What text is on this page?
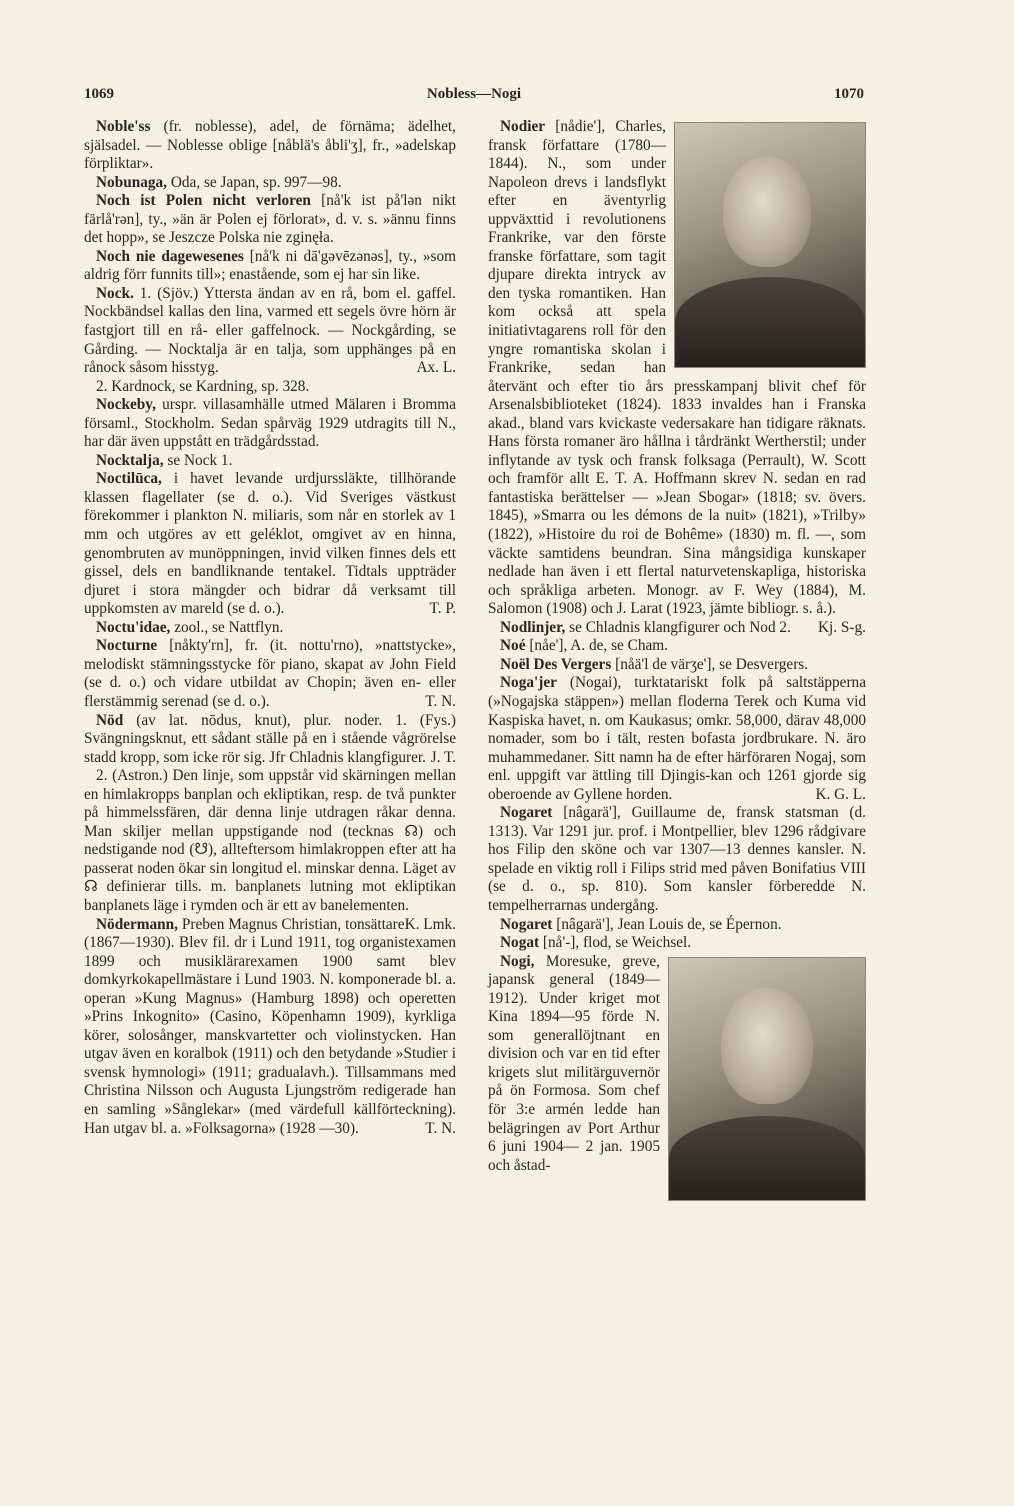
1069	Nobless—Nogi	1070

Noble'ss (fr. noblesse), adel, de förnäma; ädelhet, själsadel. — Noblesse oblige [nåblä's åbli'ʒ], fr., »adelskap förpliktar».

Nobunaga, Oda, se Japan, sp. 997—98.

Noch ist Polen nicht verloren [nå'k ist på'lən nikt färlå'rən], ty., »än är Polen ej förlorat», d. v. s. »ännu finns det hopp», se Jeszcze Polska nie zginęła.

Noch nie dagewesenes [nå'k ni dā'gəvēzənəs], ty., »som aldrig förr funnits till»; enastående, som ej har sin like.

Nock. 1. (Sjöv.) Yttersta ändan av en rå, bom el. gaffel. Nockbändsel kallas den lina, varmed ett segels övre hörn är fastgjort till en rå- eller gaffelnock. — Nockgårding, se Gårding. — Nocktalja är en talja, som upphänges på en rånock såsom hisstyg.	Ax. L.

2. Kardnock, se Kardning, sp. 328.

Nockeby, urspr. villasamhälle utmed Mälaren i Bromma församl., Stockholm. Sedan spårväg 1929 utdragits till N., har där även uppstått en trädgårdsstad.

Nocktalja, se Nock 1.

Noctilūca, i havet levande urdjurssläkte, tillhörande klassen flagellater (se d. o.). Vid Sveriges västkust förekommer i plankton N. miliaris, som når en storlek av 1 mm och utgöres av ett geléklot, omgivet av en hinna, genombruten av munöppningen, invid vilken finnes dels ett gissel, dels en bandliknande tentakel. Tidtals uppträder djuret i stora mängder och bidrar då verksamt till uppkomsten av mareld (se d. o.).	T. P.

Noctu'idae, zool., se Nattflyn.

Nocturne [nåkty'rn], fr. (it. nottu'rno), »nattstycke», melodiskt stämningsstycke för piano, skapat av John Field (se d. o.) och vidare utbildat av Chopin; även en- eller flerstämmig serenad (se d. o.).	T. N.

Nöd (av lat. nōdus, knut), plur. noder. 1. (Fys.) Svängningsknut, ett sådant ställe på en i stående vågrörelse stadd kropp, som icke rör sig. Jfr Chladnis klangfigurer. J. T.

2. (Astron.) Den linje, som uppstår vid skärningen mellan en himlakropps banplan och ekliptikan, resp. de två punkter på himmelssfären, där denna linje utdragen råkar denna. Man skiljer mellan uppstigande nod (tecknas ☊) och nedstigande nod (☋), allteftersom himlakroppen efter att ha passerat noden ökar sin longitud el. minskar denna. Läget av ☊ definierar tills. m. banplanets lutning mot ekliptikan banplanets läge i rymden och är ett av banelementen.
K. Lmk.

Nödermann, Preben Magnus Christian, tonsättare (1867—1930). Blev fil. dr i Lund 1911, tog organistexamen 1899 och musiklärarexamen 1900 samt blev domkyrkokapellmästare i Lund 1903. N. komponerade bl. a. operan »Kung Magnus» (Hamburg 1898) och operetten »Prins Inkognito» (Casino, Köpenhamn 1909), kyrkliga körer, solosånger, manskvartetter och violinstycken. Han utgav även en koralbok (1911) och den betydande »Studier i svensk hymnologi» (1911; gradualavh.). Tillsammans med Christina Nilsson och Augusta Ljungström redigerade han en samling »Sånglekar» (med värdefull källförteckning). Han utgav bl. a. »Folksagorna» (1928 —30).	T. N.

Nodier [nådie'], Charles, fransk författare (1780—1844). N., som under Napoleon drevs i landsflykt efter en äventyrlig uppväxttid i revolutionens Frankrike, var den förste franske författare, som tagit djupare direkta intryck av den tyska romantiken. Han kom också att spela initiativtagarens roll för den yngre romantiska skolan i Frankrike, sedan han återvänt och efter tio års presskampanj blivit chef för Arsenalsbiblioteket (1824). 1833 invaldes han i Franska akad., bland vars kvickaste vedersakare han tidigare räknats. Hans första romaner äro hållna i tårdränkt Wertherstil; under inflytande av tysk och fransk folksaga (Perrault), W. Scott och framför allt E. T. A. Hoffmann skrev N. sedan en rad fantastiska berättelser — »Jean Sbogar» (1818; sv. övers. 1845), »Smarra ou les démons de la nuit» (1821), »Trilby» (1822), »Histoire du roi de Bohême» (1830) m. fl. —, som väckte samtidens beundran. Sina mångsidiga kunskaper nedlade han även i ett flertal naturvetenskapliga, historiska och språkliga arbeten. Monogr. av F. Wey (1884), M. Salomon (1908) och J. Larat (1923, jämte bibliogr. s. å.).
Kj. S-g.

Nodlinjer, se Chladnis klangfigurer och Nod 2.

Noé [nåe'], A. de, se Cham.

Noël Des Vergers [nåä'l de värʒe'], se Desvergers.

Noga'jer (Nogai), turktatariskt folk på saltstäpperna (»Nogajska stäppen») mellan floderna Terek och Kuma vid Kaspiska havet, n. om Kaukasus; omkr. 58,000, därav 48,000 nomader, som bo i tält, resten bofasta jordbrukare. N. äro muhammedaner. Sitt namn ha de efter härföraren Nogaj, som enl. uppgift var ättling till Djingis-kan och 1261 gjorde sig oberoende av Gyllene horden.	K. G. L.

Nogaret [nâgarä'], Guillaume de, fransk statsman (d. 1313). Var 1291 jur. prof. i Montpellier, blev 1296 rådgivare hos Filip den sköne och var 1307—13 dennes kansler. N. spelade en viktig roll i Filips strid med påven Bonifatius VIII (se d. o., sp. 810). Som kansler förberedde N. tempelherrarnas undergång.

Nogaret [nâgarä'], Jean Louis de, se Épernon.

Nogat [nå'-], flod, se Weichsel.

Nogi, Moresuke, greve, japansk general (1849—1912). Under kriget mot Kina 1894—95 förde N. som generallöjtnant en division och var en tid efter krigets slut militärguvernör på ön Formosa. Som chef för 3:e armén ledde han belägringen av Port Arthur 6 juni 1904— 2 jan. 1905 och åstad-
